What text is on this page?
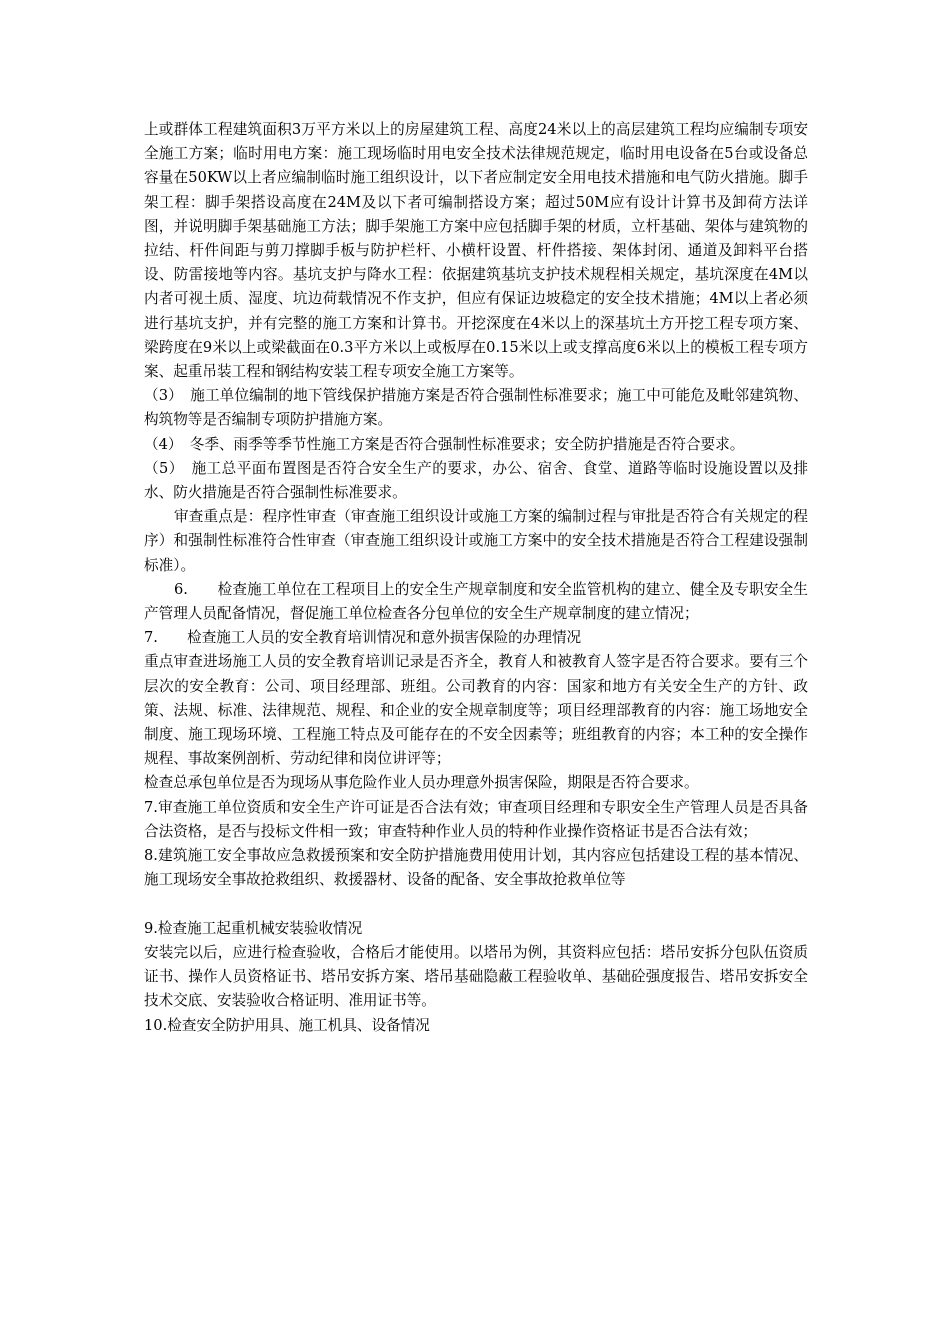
上或群体工程建筑面积3万平方米以上的房屋建筑工程、高度24米以上的高层建筑工程均应编制专项安全施工方案；临时用电方案：施工现场临时用电安全技术法律规范规定，临时用电设备在5台或设备总容量在50KW以上者应编制临时施工组织设计，以下者应制定安全用电技术措施和电气防火措施。脚手架工程：脚手架搭设高度在24M及以下者可编制搭设方案；超过50M应有设计计算书及卸荷方法详图，并说明脚手架基础施工方法；脚手架施工方案中应包括脚手架的材质，立杆基础、架体与建筑物的拉结、杆件间距与剪刀撑脚手板与防护栏杆、小横杆设置、杆件搭接、架体封闭、通道及卸料平台搭设、防雷接地等内容。基坑支护与降水工程：依据建筑基坑支护技术规程相关规定，基坑深度在4M以内者可视土质、湿度、坑边荷载情况不作支护，但应有保证边坡稳定的安全技术措施；4M以上者必须进行基坑支护，并有完整的施工方案和计算书。开挖深度在4米以上的深基坑土方开挖工程专项方案、梁跨度在9米以上或梁截面在0.3平方米以上或板厚在0.15米以上或支撑高度6米以上的模板工程专项方案、起重吊装工程和钢结构安装工程专项安全施工方案等。

（3）　施工单位编制的地下管线保护措施方案是否符合强制性标准要求；施工中可能危及毗邻建筑物、构筑物等是否编制专项防护措施方案。

（4）　冬季、雨季等季节性施工方案是否符合强制性标准要求；安全防护措施是否符合要求。

（5）　施工总平面布置图是否符合安全生产的要求，办公、宿舍、食堂、道路等临时设施设置以及排水、防火措施是否符合强制性标准要求。

审查重点是：程序性审查（审查施工组织设计或施工方案的编制过程与审批是否符合有关规定的程序）和强制性标准符合性审查（审查施工组织设计或施工方案中的安全技术措施是否符合工程建设强制标准）。

6.　　检查施工单位在工程项目上的安全生产规章制度和安全监管机构的建立、健全及专职安全生产管理人员配备情况，督促施工单位检查各分包单位的安全生产规章制度的建立情况；

7.　　检查施工人员的安全教育培训情况和意外损害保险的办理情况

重点审查进场施工人员的安全教育培训记录是否齐全，教育人和被教育人签字是否符合要求。要有三个层次的安全教育：公司、项目经理部、班组。公司教育的内容：国家和地方有关安全生产的方针、政策、法规、标准、法律规范、规程、和企业的安全规章制度等；项目经理部教育的内容：施工场地安全制度、施工现场环境、工程施工特点及可能存在的不安全因素等；班组教育的内容；本工种的安全操作规程、事故案例剖析、劳动纪律和岗位讲评等；

检查总承包单位是否为现场从事危险作业人员办理意外损害保险，期限是否符合要求。

7.审查施工单位资质和安全生产许可证是否合法有效；审查项目经理和专职安全生产管理人员是否具备合法资格，是否与投标文件相一致；审查特种作业人员的特种作业操作资格证书是否合法有效；

8.建筑施工安全事故应急救援预案和安全防护措施费用使用计划，其内容应包括建设工程的基本情况、施工现场安全事故抢救组织、救援器材、设备的配备、安全事故抢救单位等

9.检查施工起重机械安装验收情况

安装完以后，应进行检查验收，合格后才能使用。以塔吊为例，其资料应包括：塔吊安拆分包队伍资质证书、操作人员资格证书、塔吊安拆方案、塔吊基础隐蔽工程验收单、基础砼强度报告、塔吊安拆安全技术交底、安装验收合格证明、准用证书等。

10.检查安全防护用具、施工机具、设备情况
